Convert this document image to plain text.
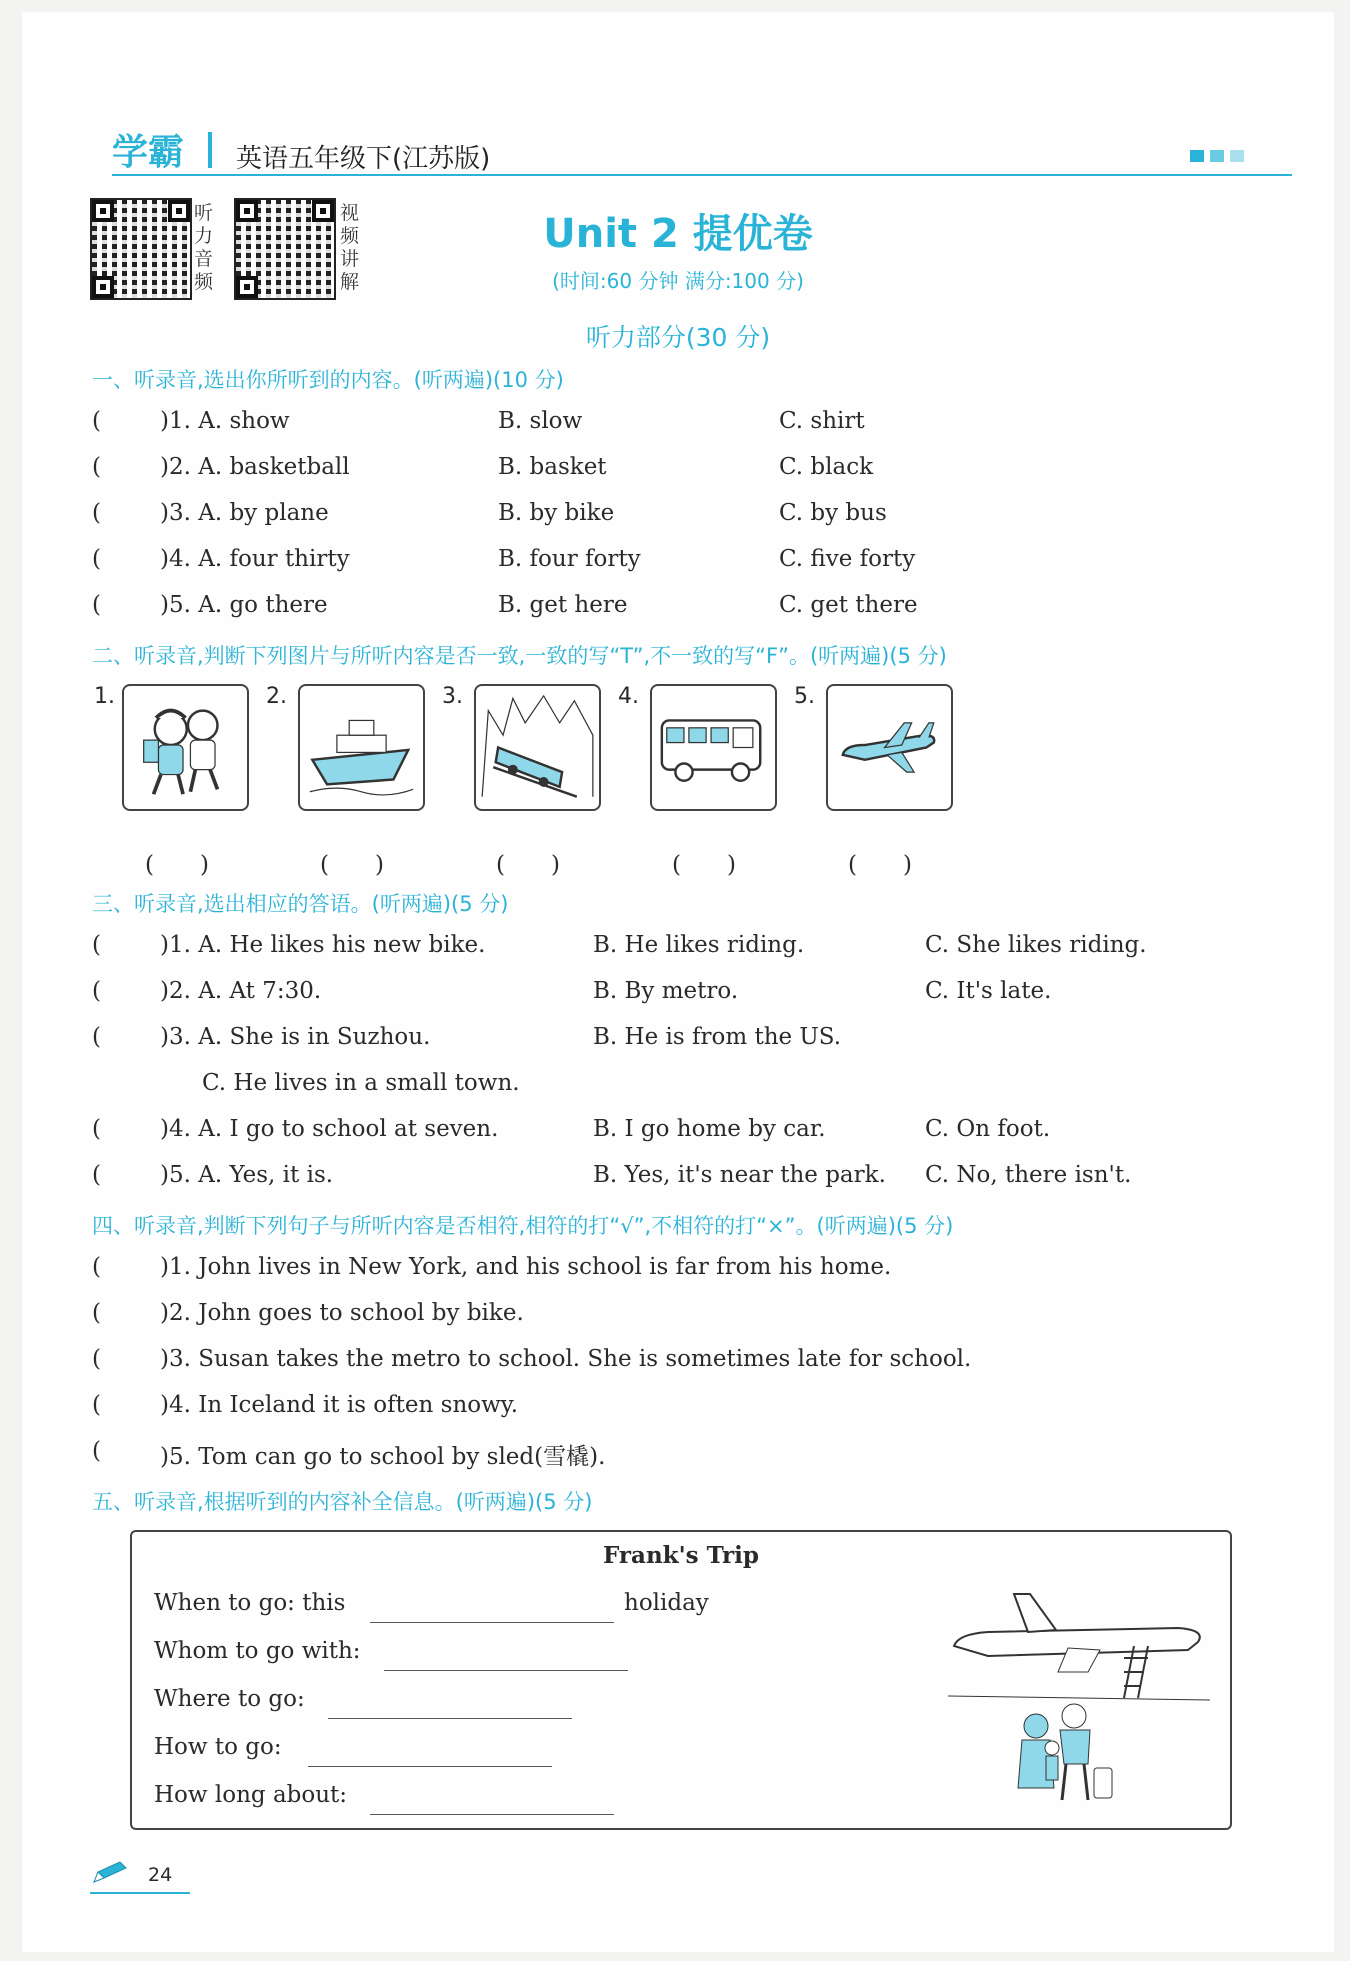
学霸 英语五年级下(江苏版)
听力音频
视频讲解
Unit 2 提优卷
(时间:60 分钟 满分:100 分)
听力部分(30 分)
一、听录音,选出你所听到的内容。(听两遍)(10 分)
(	)1. A. show	B. slow	C. shirt
(	)2. A. basketball	B. basket	C. black
(	)3. A. by plane	B. by bike	C. by bus
(	)4. A. four thirty	B. four forty	C. five forty
(	)5. A. go there	B. get here	C. get there
二、听录音,判断下列图片与所听内容是否一致,一致的写“T”,不一致的写“F”。(听两遍)(5 分)
1.
(　　)
2.
(　　)
3.
(　　)
4.
(　　)
5.
(　　)
三、听录音,选出相应的答语。(听两遍)(5 分)
(	)1. A. He likes his new bike.	B. He likes riding.	C. She likes riding.
(	)2. A. At 7:30.	B. By metro.	C. It's late.
(	)3. A. She is in Suzhou.	B. He is from the US.
C. He lives in a small town.
(	)4. A. I go to school at seven.	B. I go home by car.	C. On foot.
(	)5. A. Yes, it is.	B. Yes, it's near the park. C. No, there isn't.
四、听录音,判断下列句子与所听内容是否相符,相符的打“√”,不相符的打“×”。(听两遍)(5 分)
(	)1. John lives in New York, and his school is far from his home.
(	)2. John goes to school by bike.
(	)3. Susan takes the metro to school. She is sometimes late for school.
(	)4. In Iceland it is often snowy.
(	)5. Tom can go to school by sled(雪橇).
五、听录音,根据听到的内容补全信息。(听两遍)(5 分)
Frank's Trip
When to go: this	holiday
Whom to go with:
Where to go:
How to go:
How long about:
24
